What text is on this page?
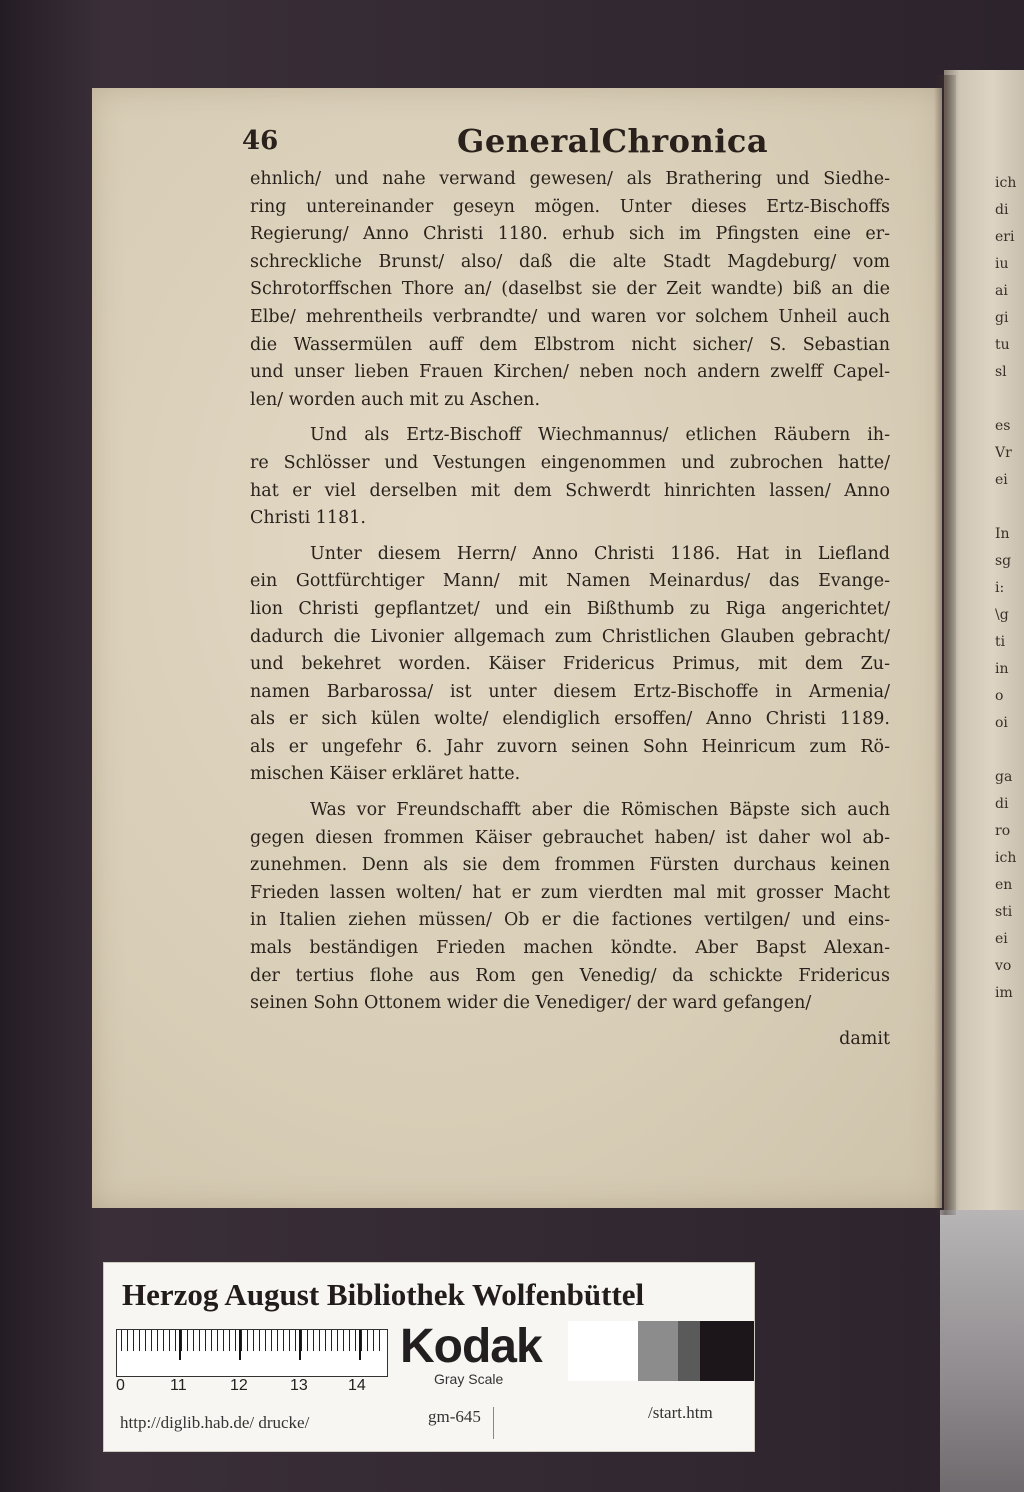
ich
di
eri
iu
ai
gi
tu
sl
es
Vr
ei
In
sg
i:
\g
ti
in
o
oi
ga
di
ro
ich
en
sti
ei
vo
im
46	GeneralChronica
ehnlich/ und nahe verwand gewesen/ als Brathering und Siedhe-
ring untereinander geseyn mögen. Unter dieses Ertz-Bischoffs
Regierung/ Anno Christi 1180. erhub sich im Pfingsten eine er-
schreckliche Brunst/ also/ daß die alte Stadt Magdeburg/ vom
Schrotorffschen Thore an/ (daselbst sie der Zeit wandte) biß an die
Elbe/ mehrentheils verbrandte/ und waren vor solchem Unheil auch
die Wassermülen auff dem Elbstrom nicht sicher/ S. Sebastian
und unser lieben Frauen Kirchen/ neben noch andern zwelff Capel-
len/ worden auch mit zu Aschen.
Und als Ertz-Bischoff Wiechmannus/ etlichen Räubern ih-
re Schlösser und Vestungen eingenommen und zubrochen hatte/
hat er viel derselben mit dem Schwerdt hinrichten lassen/ Anno
Christi 1181.
Unter diesem Herrn/ Anno Christi 1186. Hat in Liefland
ein Gottfürchtiger Mann/ mit Namen Meinardus/ das Evange-
lion Christi gepflantzet/ und ein Bißthumb zu Riga angerichtet/
dadurch die Livonier allgemach zum Christlichen Glauben gebracht/
und bekehret worden. Käiser Fridericus Primus, mit dem Zu-
namen Barbarossa/ ist unter diesem Ertz-Bischoffe in Armenia/
als er sich külen wolte/ elendiglich ersoffen/ Anno Christi 1189.
als er ungefehr 6. Jahr zuvorn seinen Sohn Heinricum zum Rö-
mischen Käiser erkläret hatte.
Was vor Freundschafft aber die Römischen Bäpste sich auch
gegen diesen frommen Käiser gebrauchet haben/ ist daher wol ab-
zunehmen. Denn als sie dem frommen Fürsten durchaus keinen
Frieden lassen wolten/ hat er zum vierdten mal mit grosser Macht
in Italien ziehen müssen/ Ob er die factiones vertilgen/ und eins-
mals beständigen Frieden machen köndte. Aber Bapst Alexan-
der tertius flohe aus Rom gen Venedig/ da schickte Fridericus
seinen Sohn Ottonem wider die Venediger/ der ward gefangen/
damit
Herzog August Bibliothek Wolfenbüttel
0	11	12	13	14
Kodak
Gray Scale
http://diglib.hab.de/ drucke/	gm-645	/start.htm
